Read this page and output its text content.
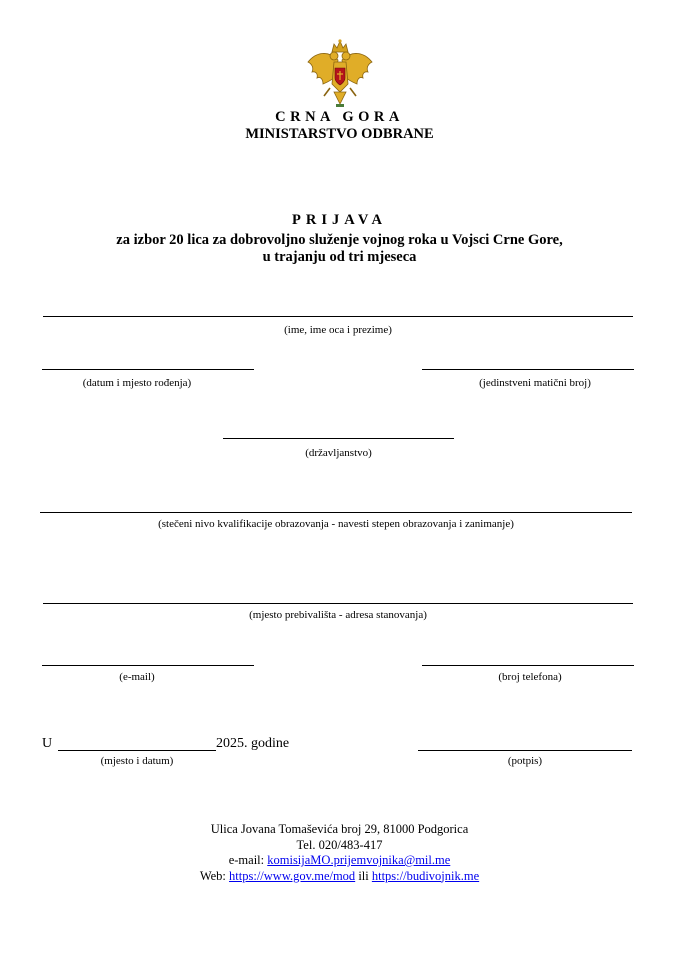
CRNA GORA
MINISTARSTVO ODBRANE
PRIJAVA
za izbor 20 lica za dobrovoljno služenje vojnog roka u Vojsci Crne Gore,
u trajanju od tri mjeseca
(ime, ime oca i prezime)
(datum i mjesto rođenja)	(jedinstveni matični broj)
(državljanstvo)
(stečeni nivo kvalifikacije obrazovanja - navesti stepen obrazovanja i zanimanje)
(mjesto prebivališta - adresa stanovanja)
(e-mail)	(broj telefona)
U	2025. godine
(mjesto i datum)	(potpis)
Ulica Jovana Tomaševića broj 29, 81000 Podgorica
Tel. 020/483-417
e-mail: komisijaMO.prijemvojnika@mil.me
Web: https://www.gov.me/mod ili https://budivojnik.me
